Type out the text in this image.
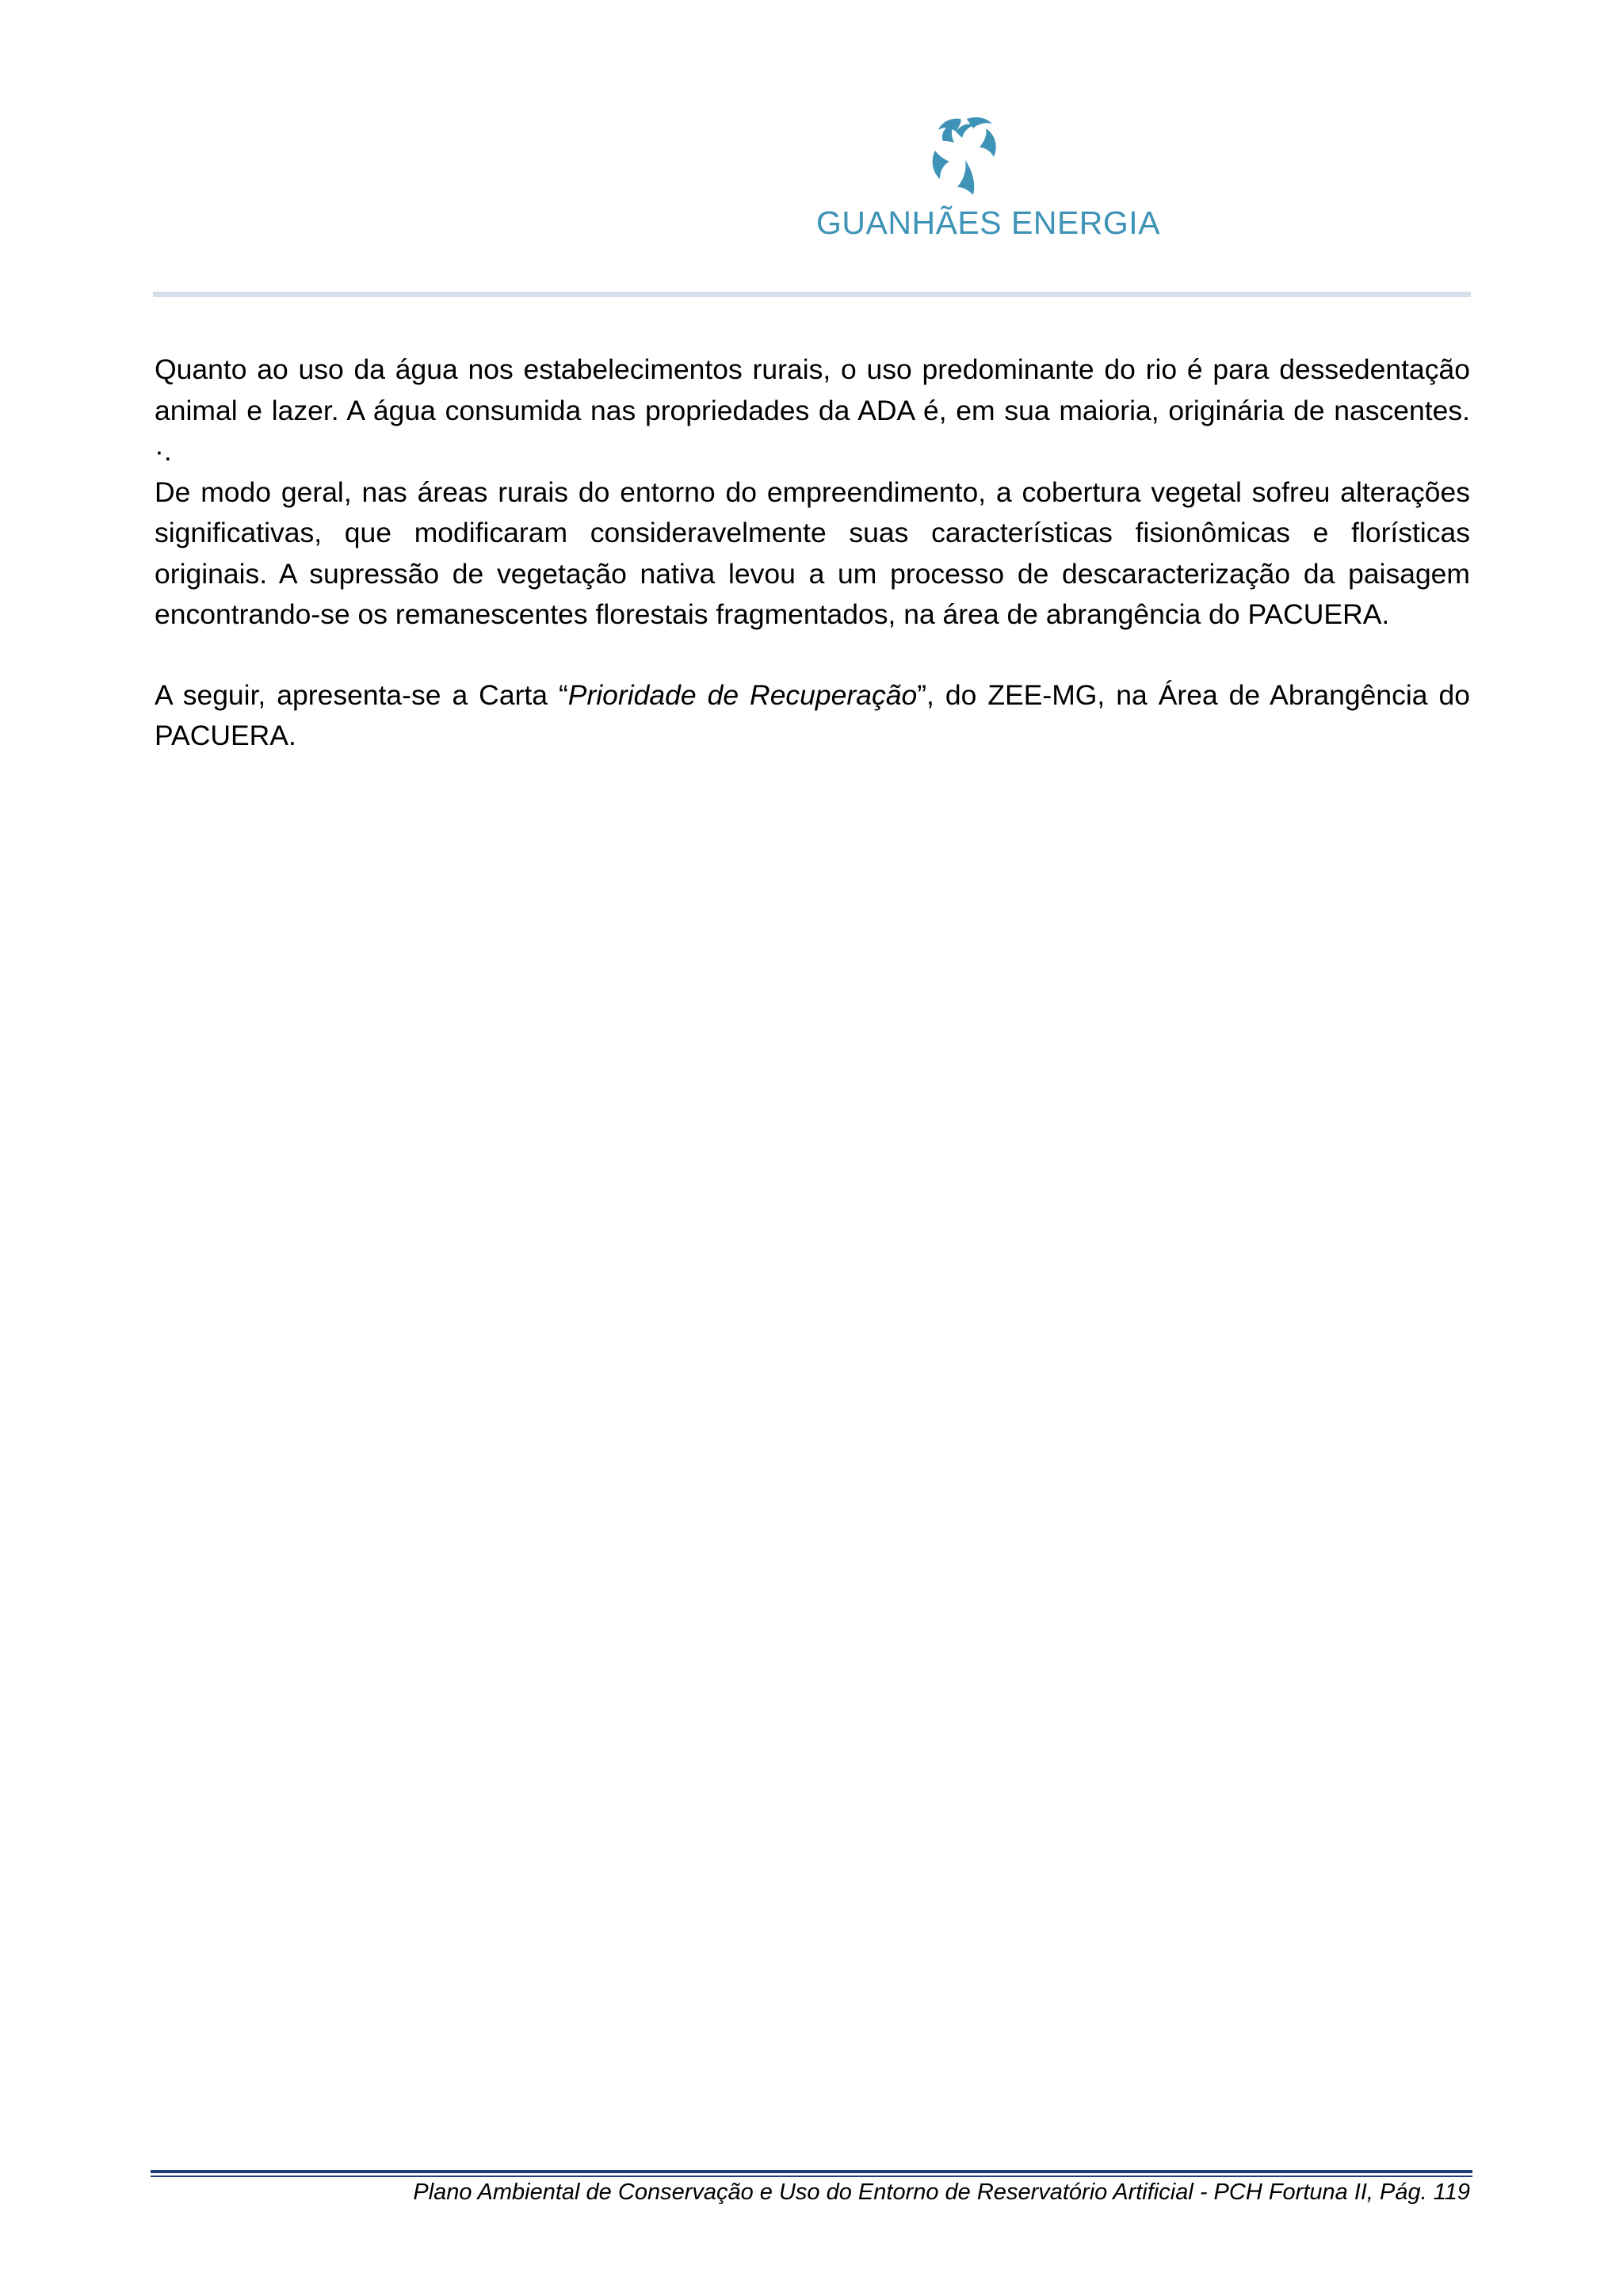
GUANHÃES ENERGIA

Quanto ao uso da água nos estabelecimentos rurais, o uso predominante do rio é para dessedentação animal e lazer. A água consumida nas propriedades da ADA é, em sua maioria, originária de nascentes. ·.
De modo geral, nas áreas rurais do entorno do empreendimento, a cobertura vegetal sofreu alterações significativas, que modificaram consideravelmente suas características fisionômicas e florísticas originais. A supressão de vegetação nativa levou a um processo de descaracterização da paisagem encontrando-se os remanescentes florestais fragmentados, na área de abrangência do PACUERA.

A seguir, apresenta-se a Carta “Prioridade de Recuperação”, do ZEE-MG, na Área de Abrangência do PACUERA.

Plano Ambiental de Conservação e Uso do Entorno de Reservatório Artificial - PCH Fortuna II, Pág. 119
